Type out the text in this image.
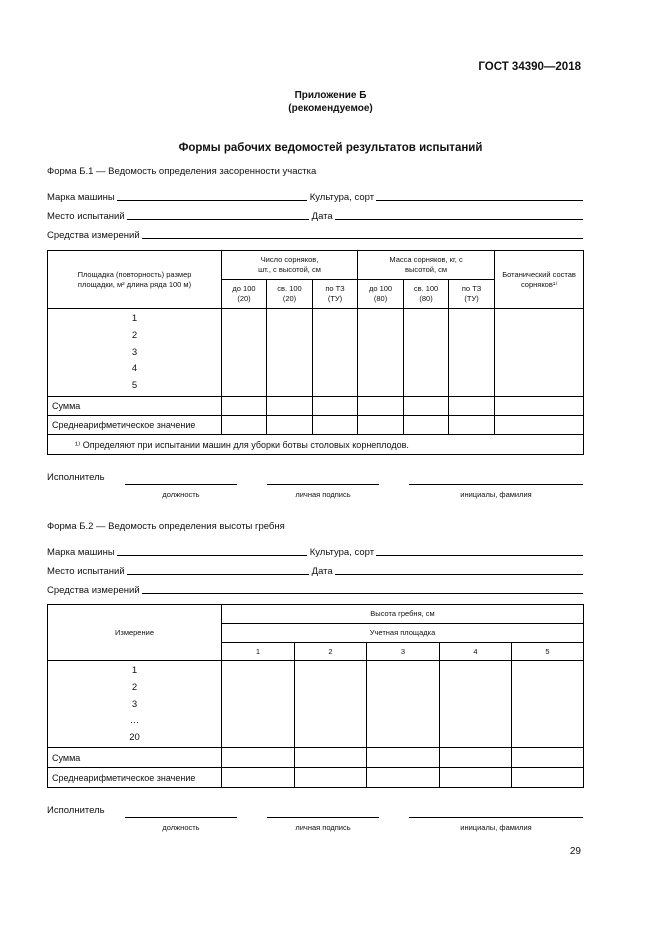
ГОСТ 34390—2018
Приложение Б
(рекомендуемое)
Формы рабочих ведомостей результатов испытаний
Форма Б.1 — Ведомость определения засоренности участка
Марка машины	Культура, сорт
Место испытаний	Дата
Средства измерений
Площадка (повторность) размер площадки, м² длина ряда 100 м)	Число сорняков, шт., с высотой, см			Масса сорняков, кг, с высотой, см			Ботанический состав сорняков¹⁾

	до 100 (20)	св. 100 (20)	по ТЗ (ТУ)	до 100 (80)	св. 100 (80)	по ТЗ (ТУ)	

1
2
3
4
5							

Сумма							
Среднеарифметическое значение							
¹⁾ Определяют при испытании машин для уборки ботвы столовых корнеплодов.							
Исполнитель
должность	личная подпись	инициалы, фамилия
Форма Б.2 — Ведомость определения высоты гребня
Марка машины	Культура, сорт
Место испытаний	Дата
Средства измерений
Измерение	Высота гребня, см				
	Учетная площадка				
	1	2	3	4	5

1
2
3
…
20					

Сумма					
Среднеарифметическое значение					
Исполнитель
должность	личная подпись	инициалы, фамилия
29
